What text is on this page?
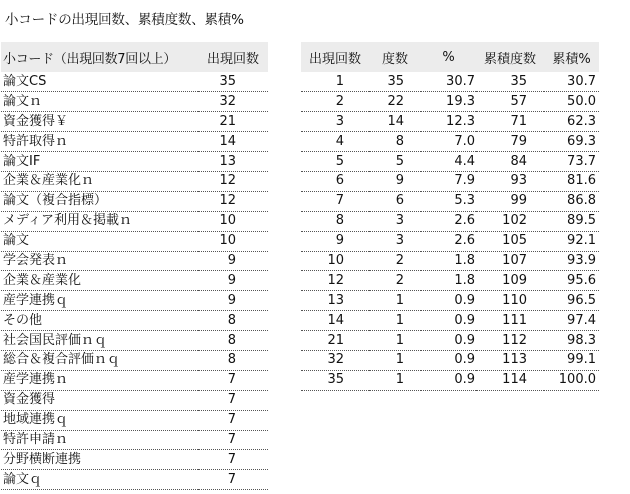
小コードの出現回数、累積度数、累積%
小コード（出現回数7回以上）	出現回数
論文CS	35
論文ｎ	32
資金獲得￥	21
特許取得ｎ	14
論文IF	13
企業＆産業化ｎ	12
論文（複合指標）	12
メディア利用＆掲載ｎ	10
論文	10
学会発表ｎ	9
企業＆産業化	9
産学連携ｑ	9
その他	8
社会国民評価ｎｑ	8
総合＆複合評価ｎｑ	8
産学連携ｎ	7
資金獲得	7
地域連携ｑ	7
特許申請ｎ	7
分野横断連携	7
論文ｑ	7
出現回数	度数	%	累積度数	累積%
1	35	30.7	35	30.7
2	22	19.3	57	50.0
3	14	12.3	71	62.3
4	8	7.0	79	69.3
5	5	4.4	84	73.7
6	9	7.9	93	81.6
7	6	5.3	99	86.8
8	3	2.6	102	89.5
9	3	2.6	105	92.1
10	2	1.8	107	93.9
12	2	1.8	109	95.6
13	1	0.9	110	96.5
14	1	0.9	111	97.4
21	1	0.9	112	98.3
32	1	0.9	113	99.1
35	1	0.9	114	100.0
